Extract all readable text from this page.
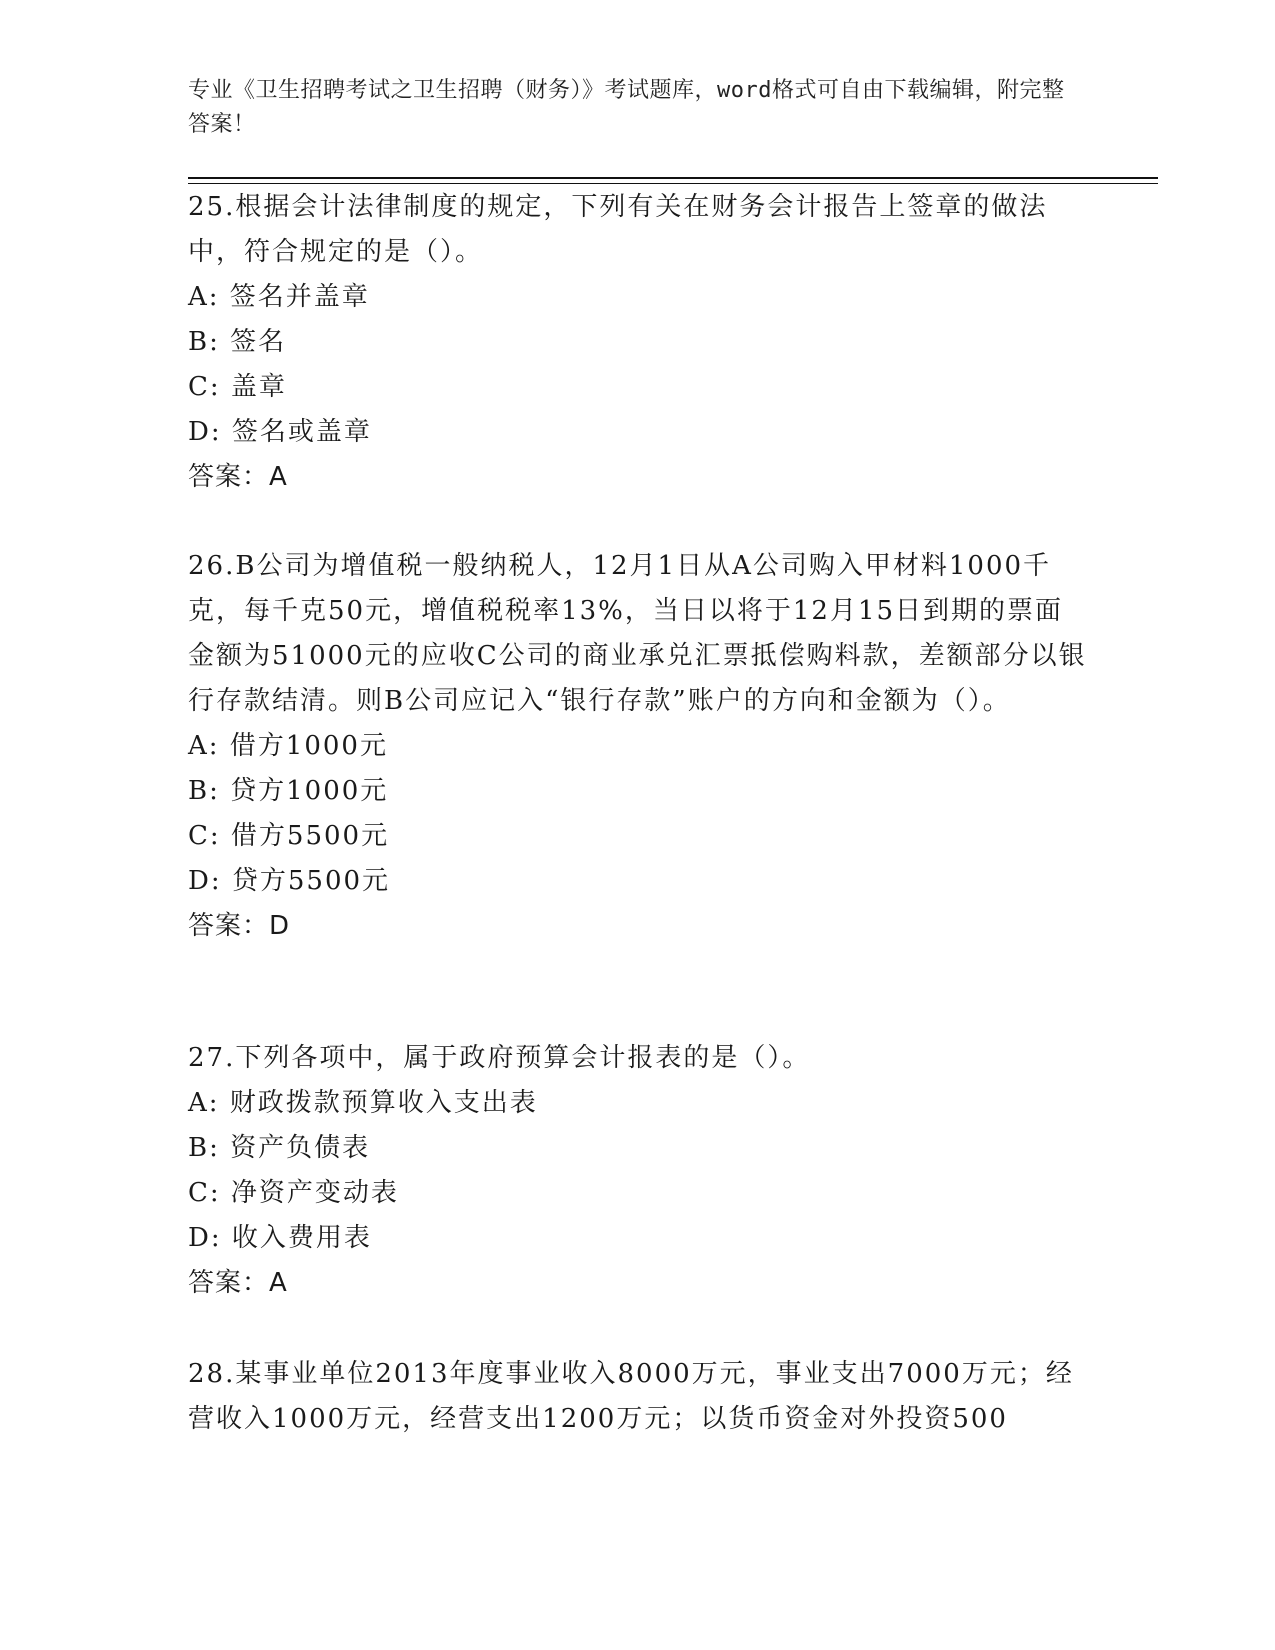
专业《卫生招聘考试之卫生招聘（财务）》考试题库，word格式可自由下载编辑，附完整答案！

25.根据会计法律制度的规定，下列有关在财务会计报告上签章的做法中，符合规定的是（）。

A: 签名并盖章

B: 签名

C: 盖章

D: 签名或盖章

答案：A

26.B公司为增值税一般纳税人，12月1日从A公司购入甲材料1000千克，每千克50元，增值税税率13%，当日以将于12月15日到期的票面金额为51000元的应收C公司的商业承兑汇票抵偿购料款，差额部分以银行存款结清。则B公司应记入“银行存款”账户的方向和金额为（）。

A: 借方1000元

B: 贷方1000元

C: 借方5500元

D: 贷方5500元

答案：D

27.下列各项中，属于政府预算会计报表的是（）。

A: 财政拨款预算收入支出表

B: 资产负债表

C: 净资产变动表

D: 收入费用表

答案：A

28.某事业单位2013年度事业收入8000万元，事业支出7000万元；经营收入1000万元，经营支出1200万元；以货币资金对外投资500
